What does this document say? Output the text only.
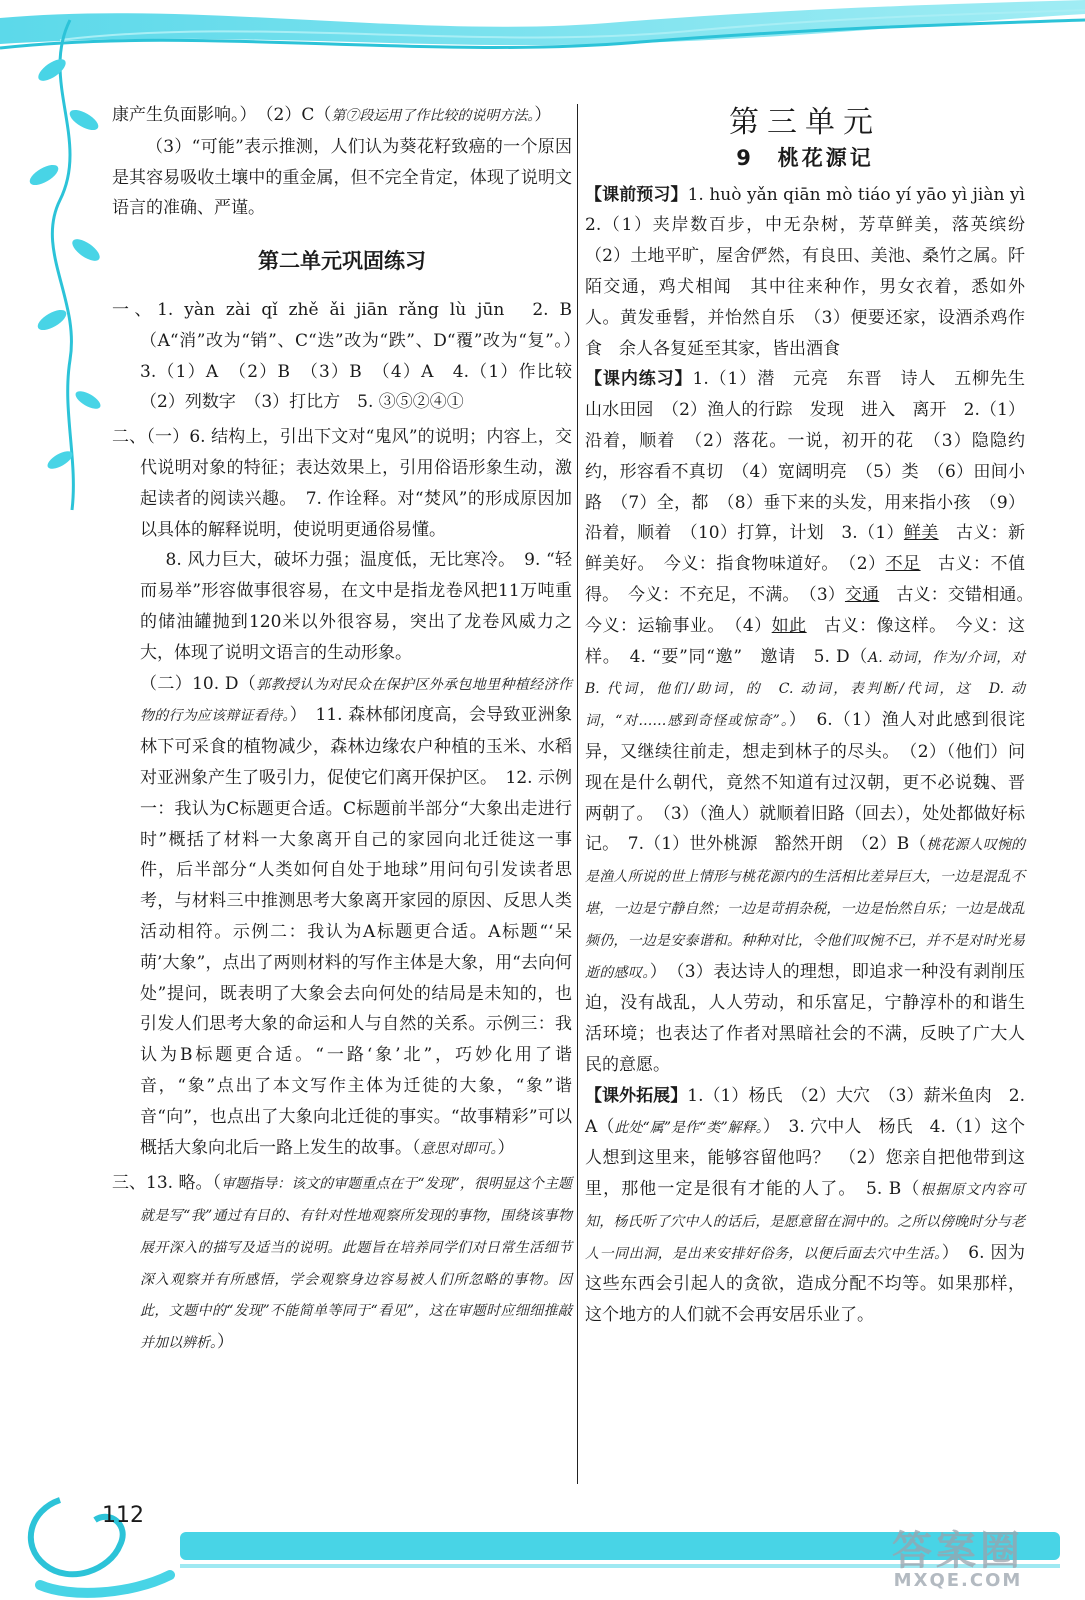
康产生负面影响。）　（2）C（第⑦段运用了作比较的说明方法。）

（3）“可能”表示推测，人们认为葵花籽致癌的一个原因是其容易吸收土壤中的重金属，但不完全肯定，体现了说明文语言的准确、严谨。

第二单元巩固练习

一、1. yàn zài qǐ zhě ǎi jiān rǎng lù jūn　2. B（A“消”改为“销”、C“迭”改为“跌”、D“覆”改为“复”。）　3.（1）A　（2）B　（3）B　（4）A　4.（1）作比较　（2）列数字　（3）打比方　5. ③⑤②④①

二、（一）6. 结构上，引出下文对“鬼风”的说明；内容上，交代说明对象的特征；表达效果上，引用俗语形象生动，激起读者的阅读兴趣。　7. 作诠释。对“焚风”的形成原因加以具体的解释说明，使说明更通俗易懂。

8. 风力巨大，破坏力强；温度低，无比寒冷。　9. “轻而易举”形容做事很容易，在文中是指龙卷风把11万吨重的储油罐抛到120米以外很容易，突出了龙卷风威力之大，体现了说明文语言的生动形象。

（二）10. D（郭教授认为对民众在保护区外承包地里种植经济作物的行为应该辩证看待。）　11. 森林郁闭度高，会导致亚洲象林下可采食的植物减少，森林边缘农户种植的玉米、水稻对亚洲象产生了吸引力，促使它们离开保护区。　12. 示例一：我认为C标题更合适。C标题前半部分“大象出走进行时”概括了材料一大象离开自己的家园向北迁徙这一事件，后半部分“人类如何自处于地球”用问句引发读者思考，与材料三中推测思考大象离开家园的原因、反思人类活动相符。示例二：我认为A标题更合适。A标题“‘呆萌’大象”，点出了两则材料的写作主体是大象，用“去向何处”提问，既表明了大象会去向何处的结局是未知的，也引发人们思考大象的命运和人与自然的关系。示例三：我认为B标题更合适。“一路‘象’北”，巧妙化用了谐音，“象”点出了本文写作主体为迁徙的大象，“象”谐音“向”，也点出了大象向北迁徙的事实。“故事精彩”可以概括大象向北后一路上发生的故事。（意思对即可。）

三、13. 略。（审题指导：该文的审题重点在于“发现”，很明显这个主题就是写“我”通过有目的、有针对性地观察所发现的事物，围绕该事物展开深入的描写及适当的说明。此题旨在培养同学们对日常生活细节深入观察并有所感悟，学会观察身边容易被人们所忽略的事物。因此，文题中的“发现”不能简单等同于“看见”，这在审题时应细细推敲并加以辨析。）

第三单元
9　桃花源记

【课前预习】1. huò yǎn qiān mò tiáo yí yāo yì jiàn yì　2.（1）夹岸数百步，中无杂树，芳草鲜美，落英缤纷　（2）土地平旷，屋舍俨然，有良田、美池、桑竹之属。阡陌交通，鸡犬相闻　其中往来种作，男女衣着，悉如外人。黄发垂髫，并怡然自乐　（3）便要还家，设酒杀鸡作食　余人各复延至其家，皆出酒食

【课内练习】1.（1）潜　元亮　东晋　诗人　五柳先生　山水田园　（2）渔人的行踪　发现　进入　离开　2.（1）沿着，顺着　（2）落花。一说，初开的花　（3）隐隐约约，形容看不真切　（4）宽阔明亮　（5）类　（6）田间小路　（7）全，都　（8）垂下来的头发，用来指小孩　（9）沿着，顺着　（10）打算，计划　3.（1）鲜美　古义：新鲜美好。　今义：指食物味道好。　（2）不足　古义：不值得。　今义：不充足，不满。　（3）交通　古义：交错相通。　今义：运输事业。　（4）如此　古义：像这样。　今义：这样。　4. “要”同“邀”　邀请　5. D（A. 动词，作为/介词，对　B. 代词，他们/助词，的　C. 动词，表判断/代词，这　D. 动词，“对……感到奇怪或惊奇”。）　6.（1）渔人对此感到很诧异，又继续往前走，想走到林子的尽头。　（2）（他们）问现在是什么朝代，竟然不知道有过汉朝，更不必说魏、晋两朝了。　（3）（渔人）就顺着旧路（回去），处处都做好标记。　7.（1）世外桃源　豁然开朗　（2）B（桃花源人叹惋的是渔人所说的世上情形与桃花源内的生活相比差异巨大，一边是混乱不堪，一边是宁静自然；一边是苛捐杂税，一边是怡然自乐；一边是战乱频仍，一边是安泰谐和。种种对比，令他们叹惋不已，并不是对时光易逝的感叹。）　（3）表达诗人的理想，即追求一种没有剥削压迫，没有战乱，人人劳动，和乐富足，宁静淳朴的和谐生活环境；也表达了作者对黑暗社会的不满，反映了广大人民的意愿。

【课外拓展】1.（1）杨氏　（2）大穴　（3）薪米鱼肉　2. A（此处“属”是作“类”解释。）　3. 穴中人　杨氏　4.（1）这个人想到这里来，能够容留他吗？　（2）您亲自把他带到这里，那他一定是很有才能的人了。　5. B（根据原文内容可知，杨氏听了穴中人的话后，是愿意留在洞中的。之所以傍晚时分与老人一同出洞，是出来安排好俗务，以便后面去穴中生活。）　6. 因为这些东西会引起人的贪欲，造成分配不均等。如果那样，这个地方的人们就不会再安居乐业了。

112
答案圈
MXQE.COM
